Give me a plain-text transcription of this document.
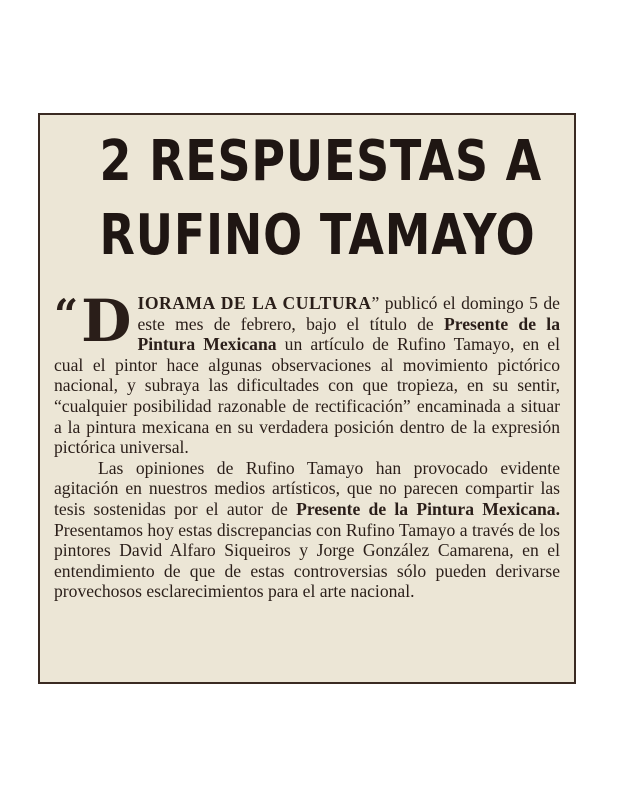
2 RESPUESTAS A
RUFINO TAMAYO

“ D IORAMA DE LA CULTURA” publicó el domingo 5 de este mes de febrero, bajo el título de Presente de la Pintura Mexicana un artículo de Rufino Tamayo, en el cual el pintor hace algunas observaciones al movimiento pictórico nacional, y subraya las dificultades con que tropieza, en su sentir, “cualquier posibilidad razonable de rectificación” encaminada a situar a la pintura mexicana en su verdadera posición dentro de la expresión pictórica universal.

Las opiniones de Rufino Tamayo han provocado evidente agitación en nuestros medios artísticos, que no parecen compartir las tesis sostenidas por el autor de Presente de la Pintura Mexicana. Presentamos hoy estas discrepancias con Rufino Tamayo a través de los pintores David Alfaro Siqueiros y Jorge González Camarena, en el entendimiento de que de estas controversias sólo pueden derivarse provechosos esclarecimientos para el arte nacional.
